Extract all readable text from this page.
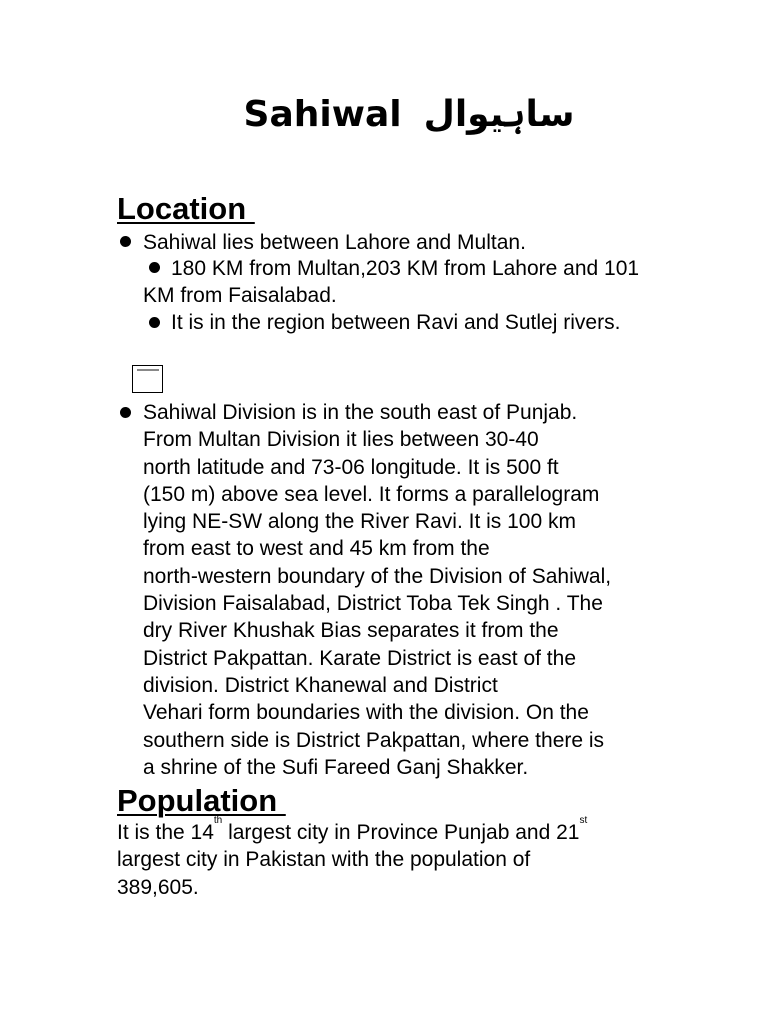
Sahiwal ساہیوال
Location
Sahiwal lies between Lahore and Multan.
180 KM from Multan,203 KM from Lahore and 101 KM from Faisalabad.
It is in the region between Ravi and Sutlej rivers.
Sahiwal Division is in the south east of Punjab.
From Multan Division it lies between 30-40
north latitude and 73-06 longitude. It is 500 ft
(150 m) above sea level. It forms a parallelogram
lying NE-SW along the River Ravi. It is 100 km
from east to west and 45 km from the
north-western boundary of the Division of Sahiwal,
Division Faisalabad, District Toba Tek Singh . The
dry River Khushak Bias separates it from the
District Pakpattan. Karate District is east of the
division. District Khanewal and District
Vehari form boundaries with the division. On the
southern side is District Pakpattan, where there is
a shrine of the Sufi Fareed Ganj Shakker.
Population
It is the 14th largest city in Province Punjab and 21st
largest city in Pakistan with the population of
389,605.
